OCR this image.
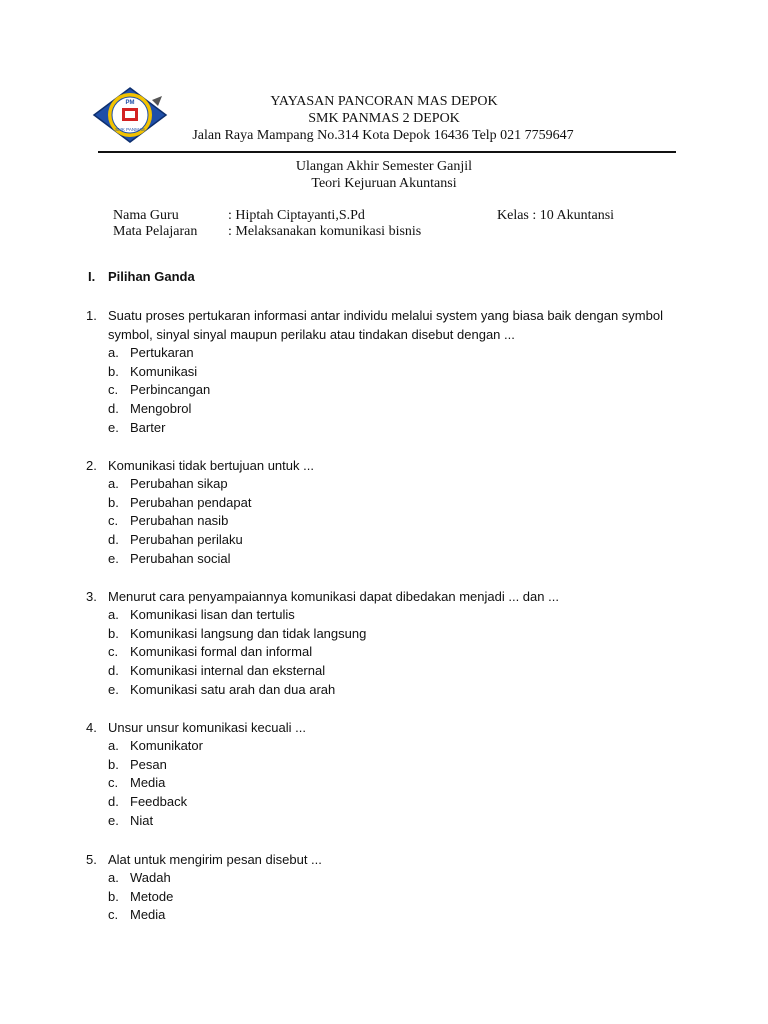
PM
SMK PANMAS
YAYASAN PANCORAN MAS DEPOK
SMK PANMAS 2 DEPOK
Jalan Raya Mampang No.314 Kota Depok 16436 Telp 021 7759647
Ulangan Akhir Semester Ganjil
Teori Kejuruan Akuntansi
Nama Guru	: Hiptah Ciptayanti,S.Pd	Kelas : 10 Akuntansi
Mata Pelajaran : Melaksanakan komunikasi bisnis
I. Pilihan Ganda
1. Suatu proses pertukaran informasi antar individu melalui system yang biasa baik dengan symbol
symbol, sinyal sinyal maupun perilaku atau tindakan disebut dengan ...
a. Pertukaran
b. Komunikasi
c. Perbincangan
d. Mengobrol
e. Barter
2. Komunikasi tidak bertujuan untuk ...
a. Perubahan sikap
b. Perubahan pendapat
c. Perubahan nasib
d. Perubahan perilaku
e. Perubahan social
3. Menurut cara penyampaiannya komunikasi dapat dibedakan menjadi ... dan ...
a. Komunikasi lisan dan tertulis
b. Komunikasi langsung dan tidak langsung
c. Komunikasi formal dan informal
d. Komunikasi internal dan eksternal
e. Komunikasi satu arah dan dua arah
4. Unsur unsur komunikasi kecuali ...
a. Komunikator
b. Pesan
c. Media
d. Feedback
e. Niat
5. Alat untuk mengirim pesan disebut ...
a. Wadah
b. Metode
c. Media
